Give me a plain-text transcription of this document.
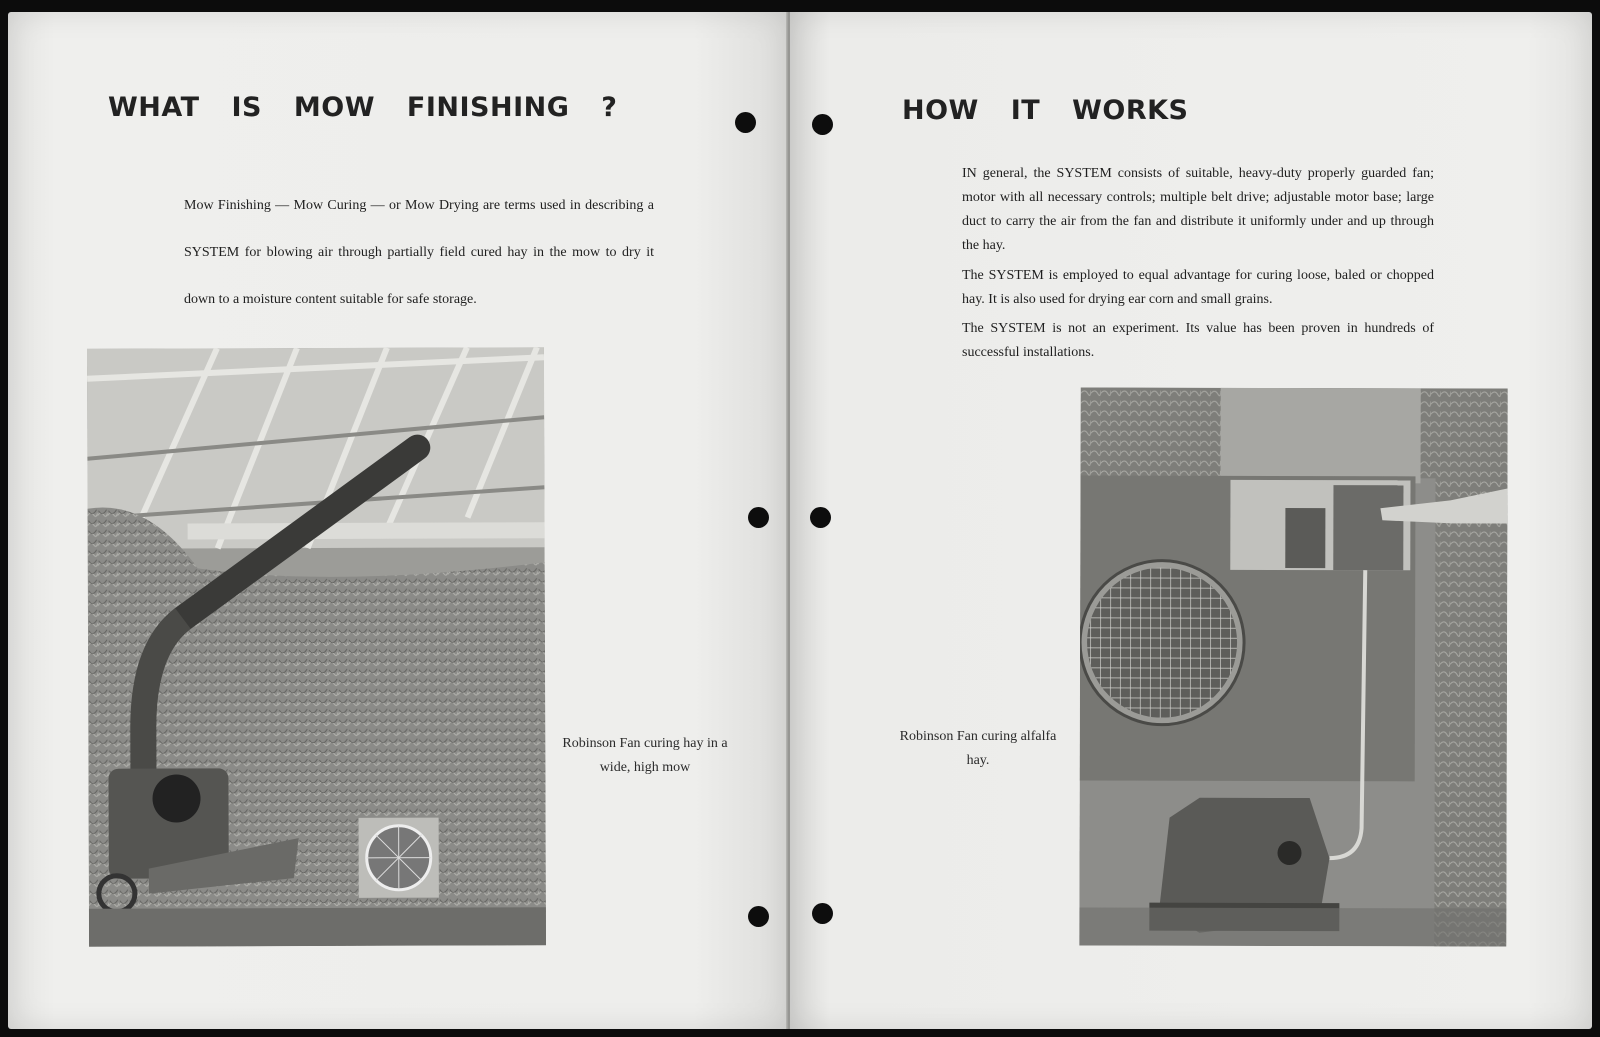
WHAT IS MOW FINISHING ?

Mow Finishing — Mow Curing — or Mow Drying are terms used in describing a SYSTEM for blowing air through partially field cured hay in the mow to dry it down to a moisture content suitable for safe storage.

Robinson Fan curing hay in a wide, high mow

HOW IT WORKS

IN general, the SYSTEM consists of suitable, heavy-duty properly guarded fan; motor with all necessary controls; multiple belt drive; adjustable motor base; large duct to carry the air from the fan and distribute it uniformly under and up through the hay.

The SYSTEM is employed to equal advantage for curing loose, baled or chopped hay. It is also used for drying ear corn and small grains.

The SYSTEM is not an experiment. Its value has been proven in hundreds of successful installations.

Robinson Fan curing alfalfa hay.
